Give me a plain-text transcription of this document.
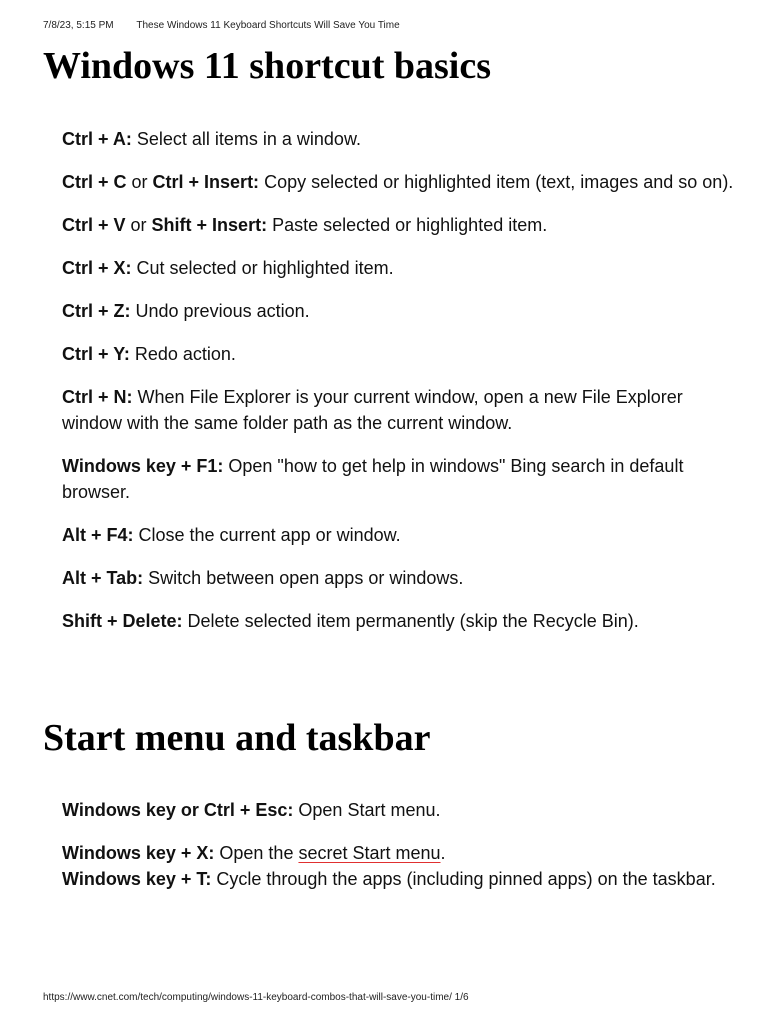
7/8/23, 5:15 PM These Windows 11 Keyboard Shortcuts Will Save You Time
Windows 11 shortcut basics

Ctrl + A: Select all items in a window.

Ctrl + C or Ctrl + Insert: Copy selected or highlighted item (text, images and so on).

Ctrl + V or Shift + Insert: Paste selected or highlighted item.

Ctrl + X: Cut selected or highlighted item.

Ctrl + Z: Undo previous action.

Ctrl + Y: Redo action.

Ctrl + N: When File Explorer is your current window, open a new File Explorer window with the same folder path as the current window.

Windows key + F1: Open "how to get help in windows" Bing search in default browser.

Alt + F4: Close the current app or window.

Alt + Tab: Switch between open apps or windows.

Shift + Delete: Delete selected item permanently (skip the Recycle Bin).

Start menu and taskbar

Windows key or Ctrl + Esc: Open Start menu.

Windows key + X: Open the secret Start menu.

Windows key + T: Cycle through the apps (including pinned apps) on the taskbar.

https://www.cnet.com/tech/computing/windows-11-keyboard-combos-that-will-save-you-time/ 1/6
